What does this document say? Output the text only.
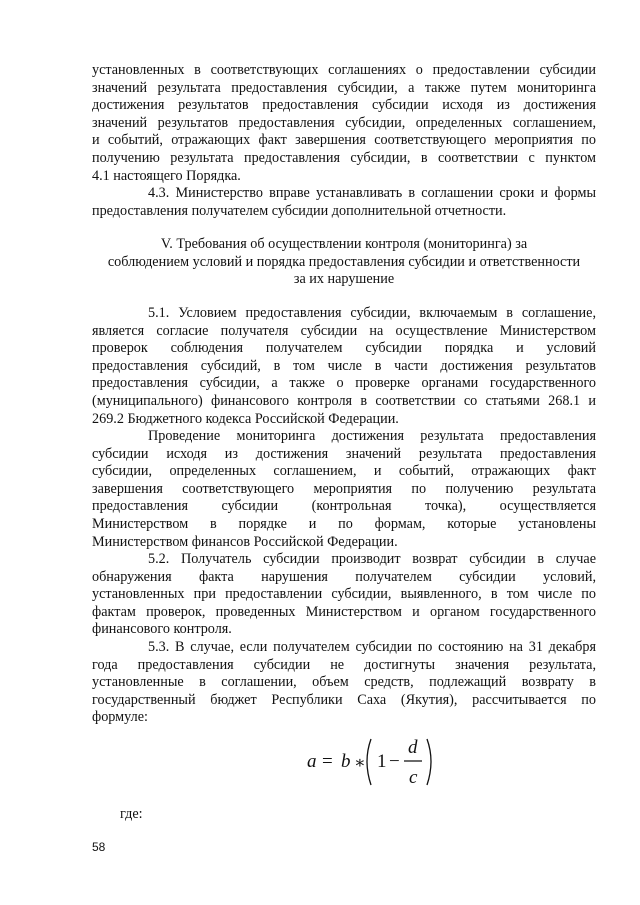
установленных в соответствующих соглашениях о предоставлении субсидии
значений результата предоставления субсидии, а также путем мониторинга
достижения результатов предоставления субсидии исходя из достижения
значений результатов предоставления субсидии, определенных соглашением,
и событий, отражающих факт завершения соответствующего мероприятия по
получению результата предоставления субсидии, в соответствии с пунктом
4.1 настоящего Порядка.
4.3. Министерство вправе устанавливать в соглашении сроки и формы
предоставления получателем субсидии дополнительной отчетности.
5.1. Условием предоставления субсидии, включаемым в соглашение,
является согласие получателя субсидии на осуществление Министерством
проверок соблюдения получателем субсидии порядка и условий
предоставления субсидий, в том числе в части достижения результатов
предоставления субсидии, а также о проверке органами государственного
(муниципального) финансового контроля в соответствии со статьями 268.1 и
269.2 Бюджетного кодекса Российской Федерации.
Проведение мониторинга достижения результата предоставления
субсидии исходя из достижения значений результата предоставления
субсидии, определенных соглашением, и событий, отражающих факт
завершения соответствующего мероприятия по получению результата
предоставления субсидии (контрольная точка), осуществляется
Министерством в порядке и по формам, которые установлены
Министерством финансов Российской Федерации.
5.2. Получатель субсидии производит возврат субсидии в случае
обнаружения факта нарушения получателем субсидии условий,
установленных при предоставлении субсидии, выявленного, в том числе по
фактам проверок, проведенных Министерством и органом государственного
финансового контроля.
5.3. В случае, если получателем субсидии по состоянию на 31 декабря
года предоставления субсидии не достигнуты значения результата,
установленные в соглашении, объем средств, подлежащий возврату в
государственный бюджет Республики Саха (Якутия), рассчитывается по
формуле:
V. Требования об осуществлении контроля (мониторинга) за
соблюдением условий и порядка предоставления субсидии и ответственности
за их нарушение
a = b ∗ 1 −
d
c
где:
58
